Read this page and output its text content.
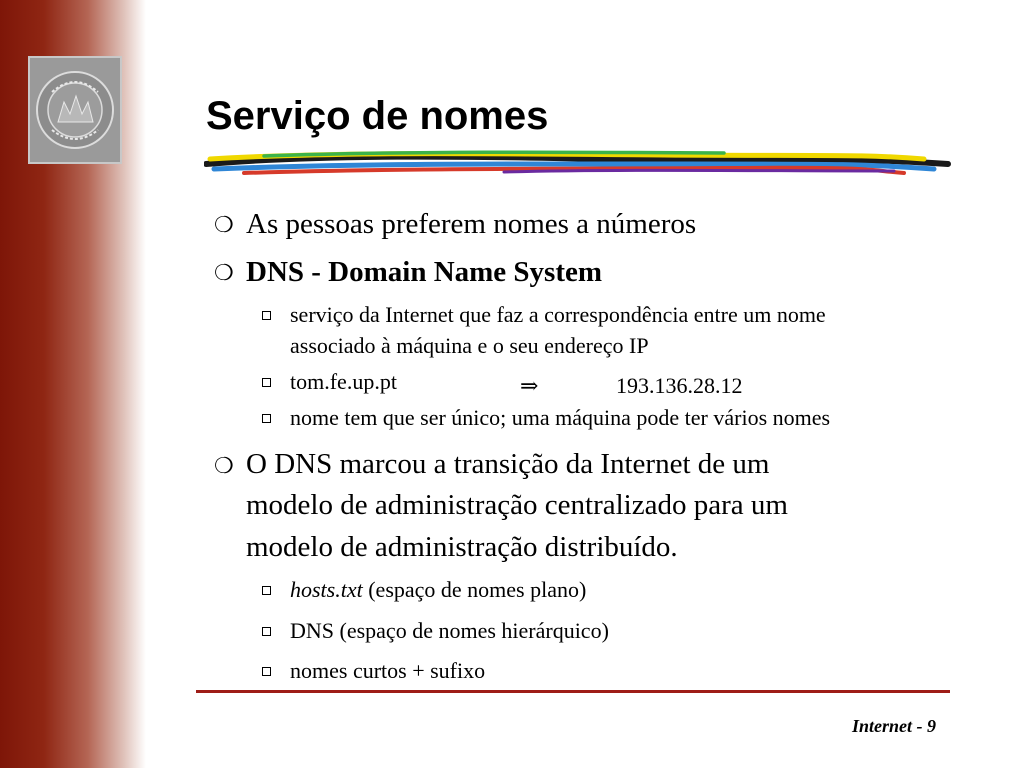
Serviço de nomes
❍ As pessoas preferem nomes a números
❍ DNS - Domain Name System
serviço da Internet que faz a correspondência entre um nome
associado à máquina e o seu endereço IP
tom.fe.up.pt	⇒	193.136.28.12
nome tem que ser único; uma máquina pode ter vários nomes
❍ O DNS marcou a transição da Internet de um
modelo de administração centralizado para um
modelo de administração distribuído.
hosts.txt (espaço de nomes plano)
DNS (espaço de nomes hierárquico)
nomes curtos + sufixo
Internet - 9
